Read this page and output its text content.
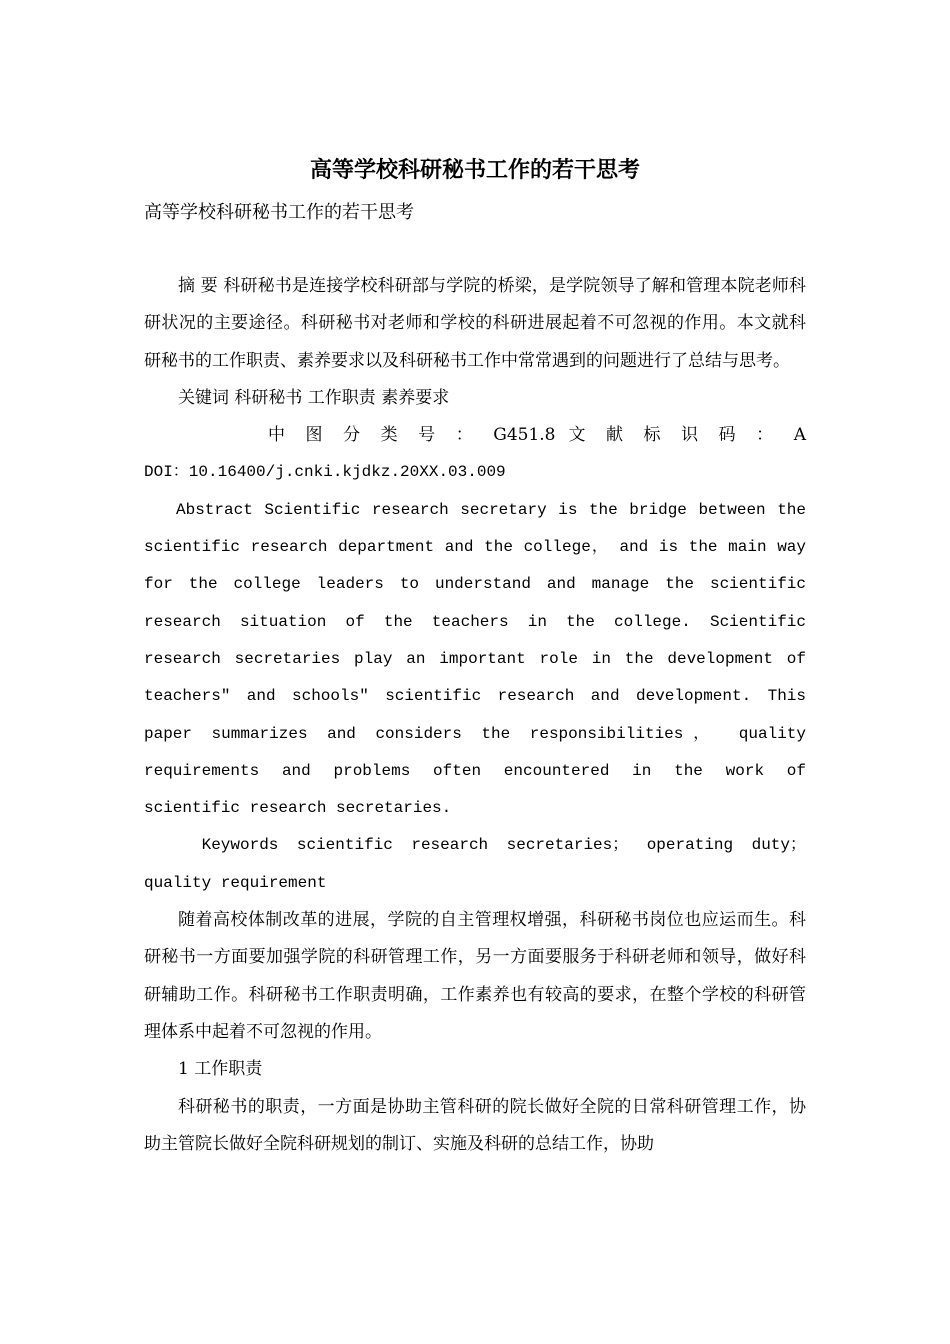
高等学校科研秘书工作的若干思考
高等学校科研秘书工作的若干思考

摘 要 科研秘书是连接学校科研部与学院的桥梁，是学院领导了解和管理本院老师科研状况的主要途径。科研秘书对老师和学校的科研进展起着不可忽视的作用。本文就科研秘书的工作职责、素养要求以及科研秘书工作中常常遇到的问题进行了总结与思考。

关键词 科研秘书 工作职责 素养要求

中 图 分 类 号 ： G451.8 文 献 标 识 码 ： A

DOI：10.16400/j.cnki.kjdkz.20XX.03.009

Abstract Scientific research secretary is the bridge between the scientific research department and the college， and is the main way for the college leaders to understand and manage the scientific research situation of the teachers in the college. Scientific research secretaries play an important role in the development of teachers″ and schools″ scientific research and development. This paper summarizes and considers the responsibilities， quality requirements and problems often encountered in the work of scientific research secretaries.

Keywords scientific research secretaries； operating duty； quality requirement

随着高校体制改革的进展，学院的自主管理权增强，科研秘书岗位也应运而生。科研秘书一方面要加强学院的科研管理工作，另一方面要服务于科研老师和领导，做好科研辅助工作。科研秘书工作职责明确，工作素养也有较高的要求，在整个学校的科研管理体系中起着不可忽视的作用。

1 工作职责

科研秘书的职责，一方面是协助主管科研的院长做好全院的日常科研管理工作，协助主管院长做好全院科研规划的制订、实施及科研的总结工作，协助
